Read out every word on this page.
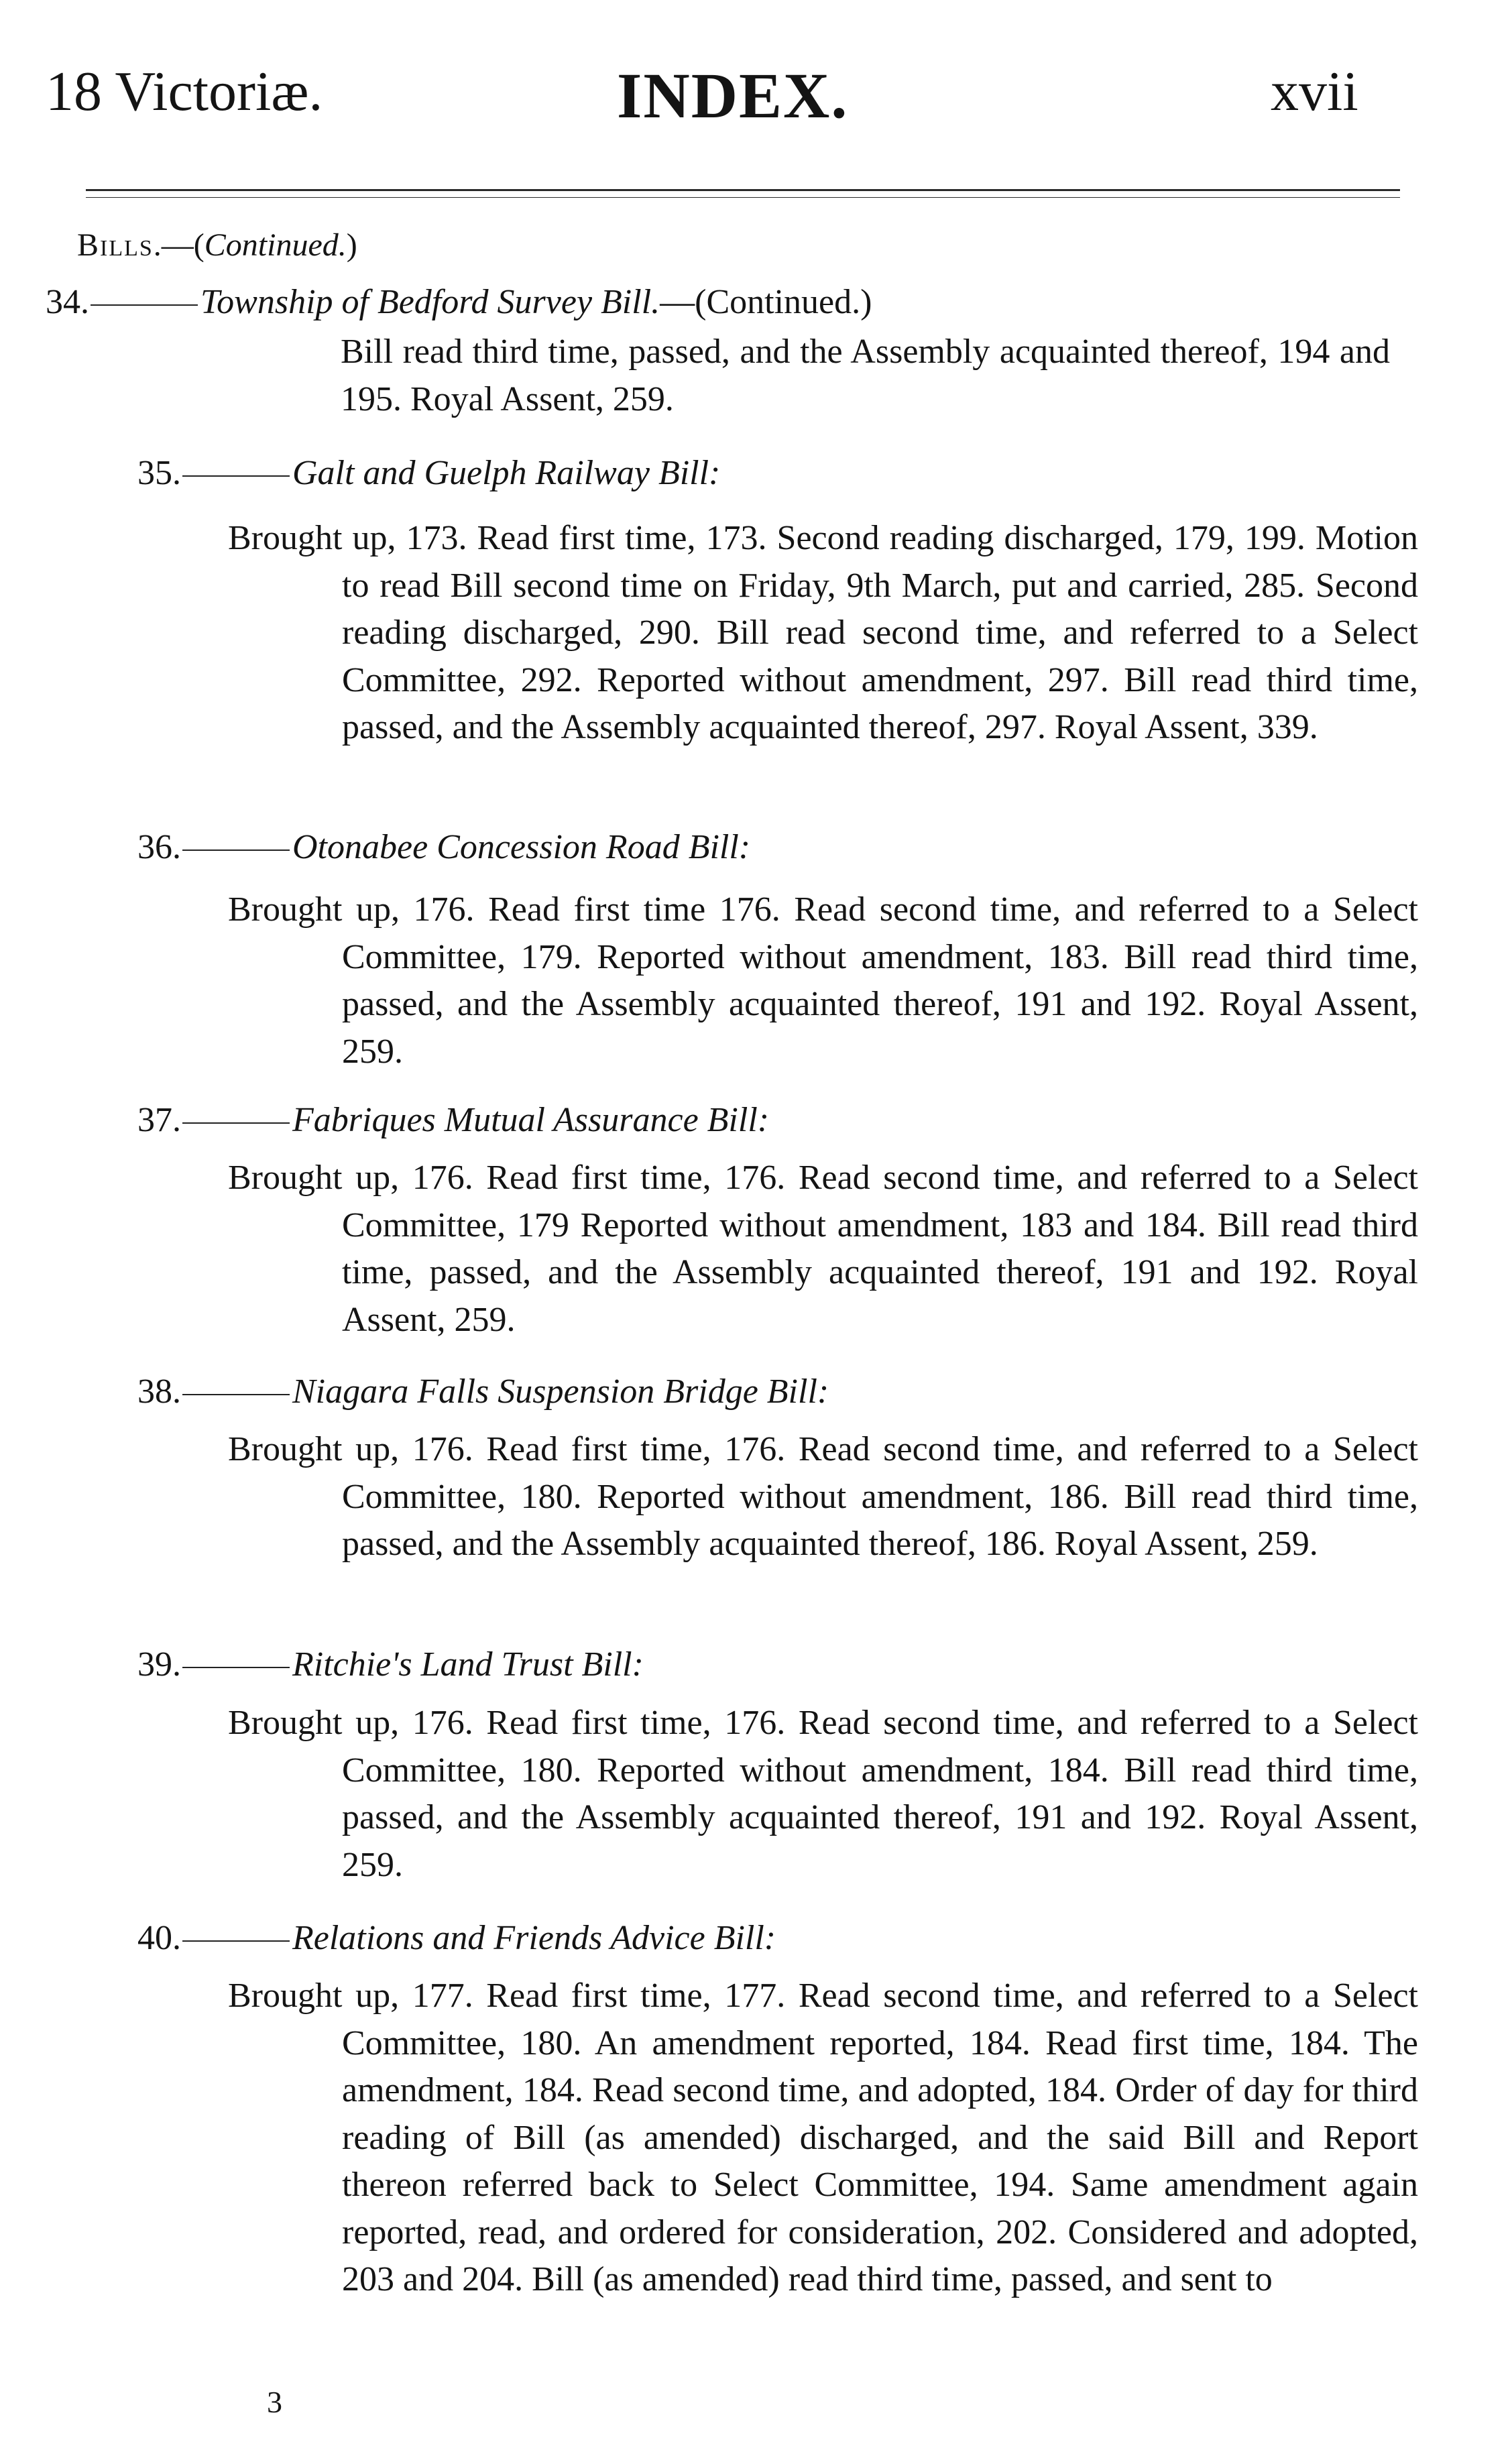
18 Victoriæ.	INDEX.	xvii
Bills.—(Continued.)
34.	Township of Bedford Survey Bill.—(Continued.)
Bill read third time, passed, and the Assembly acquainted thereof, 194 and 195. Royal Assent, 259.
35.	Galt and Guelph Railway Bill:
Brought up, 173. Read first time, 173. Second reading discharged, 179, 199. Motion to read Bill second time on Friday, 9th March, put and carried, 285. Second reading discharged, 290. Bill read second time, and referred to a Select Committee, 292. Reported without amendment, 297. Bill read third time, passed, and the Assembly acquainted thereof, 297. Royal Assent, 339.
36.	Otonabee Concession Road Bill:
Brought up, 176. Read first time 176. Read second time, and referred to a Select Committee, 179. Reported without amendment, 183. Bill read third time, passed, and the Assembly acquainted thereof, 191 and 192. Royal Assent, 259.
37.	Fabriques Mutual Assurance Bill:
Brought up, 176. Read first time, 176. Read second time, and referred to a Select Committee, 179 Reported without amendment, 183 and 184. Bill read third time, passed, and the Assembly acquainted thereof, 191 and 192. Royal Assent, 259.
38.	Niagara Falls Suspension Bridge Bill:
Brought up, 176. Read first time, 176. Read second time, and referred to a Select Committee, 180. Reported without amendment, 186. Bill read third time, passed, and the Assembly acquainted thereof, 186. Royal Assent, 259.
39.	Ritchie's Land Trust Bill:
Brought up, 176. Read first time, 176. Read second time, and referred to a Select Committee, 180. Reported without amendment, 184. Bill read third time, passed, and the Assembly acquainted thereof, 191 and 192. Royal Assent, 259.
40.	Relations and Friends Advice Bill:
Brought up, 177. Read first time, 177. Read second time, and referred to a Select Committee, 180. An amendment reported, 184. Read first time, 184. The amendment, 184. Read second time, and adopted, 184. Order of day for third reading of Bill (as amended) discharged, and the said Bill and Report thereon referred back to Select Committee, 194. Same amendment again reported, read, and ordered for consideration, 202. Considered and adopted, 203 and 204. Bill (as amended) read third time, passed, and sent to
3
